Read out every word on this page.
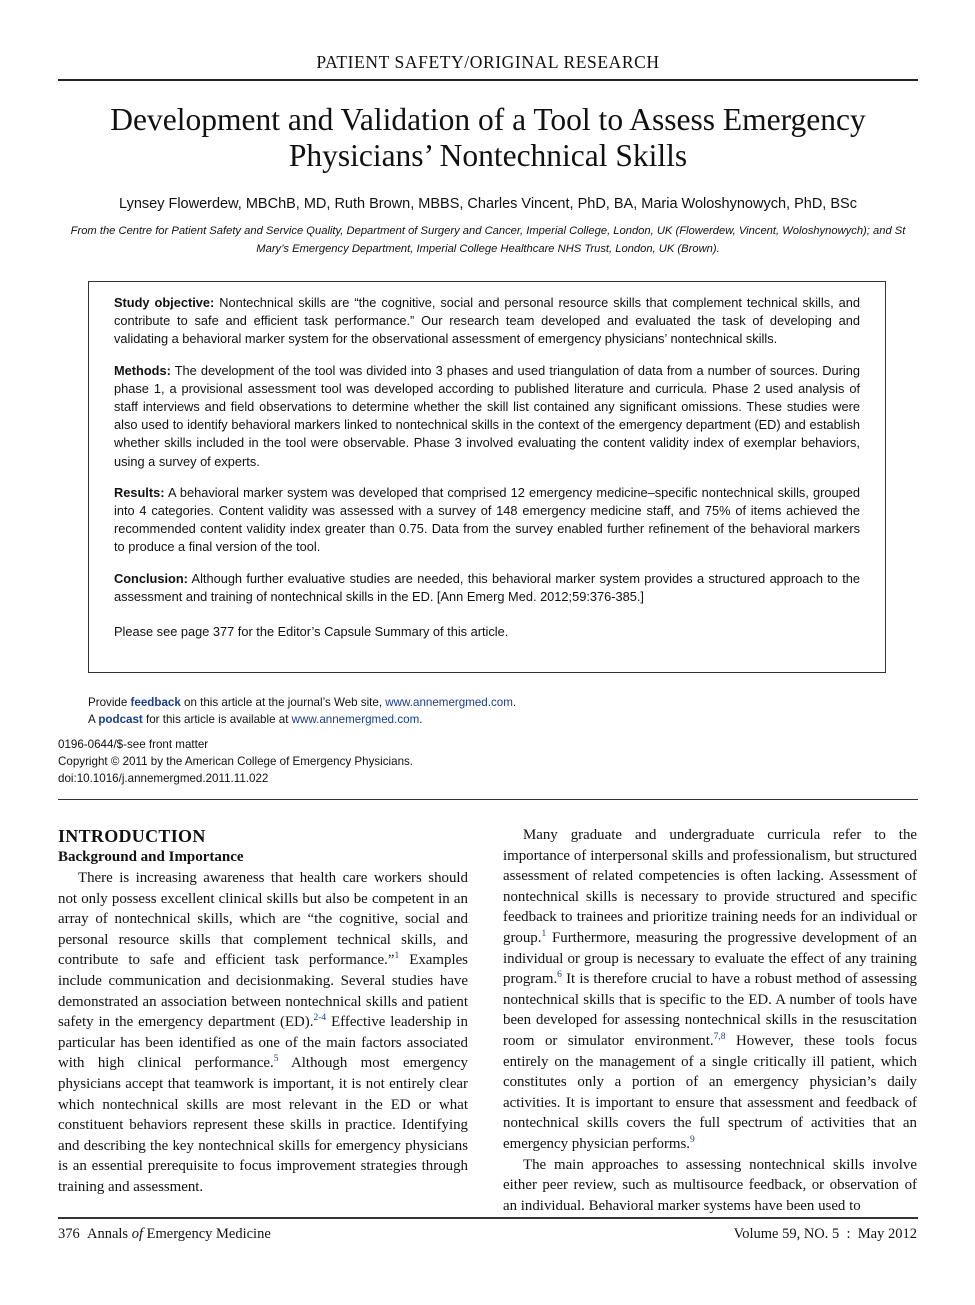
PATIENT SAFETY/ORIGINAL RESEARCH
Development and Validation of a Tool to Assess Emergency
Physicians’ Nontechnical Skills
Lynsey Flowerdew, MBChB, MD, Ruth Brown, MBBS, Charles Vincent, PhD, BA, Maria Woloshynowych, PhD, BSc
From the Centre for Patient Safety and Service Quality, Department of Surgery and Cancer, Imperial College, London, UK (Flowerdew, Vincent, Woloshynowych); and St Mary’s Emergency Department, Imperial College Healthcare NHS Trust, London, UK (Brown).

Study objective: Nontechnical skills are “the cognitive, social and personal resource skills that complement technical skills, and contribute to safe and efficient task performance.” Our research team developed and evaluated the task of developing and validating a behavioral marker system for the observational assessment of emergency physicians’ nontechnical skills.

Methods: The development of the tool was divided into 3 phases and used triangulation of data from a number of sources. During phase 1, a provisional assessment tool was developed according to published literature and curricula. Phase 2 used analysis of staff interviews and field observations to determine whether the skill list contained any significant omissions. These studies were also used to identify behavioral markers linked to nontechnical skills in the context of the emergency department (ED) and establish whether skills included in the tool were observable. Phase 3 involved evaluating the content validity index of exemplar behaviors, using a survey of experts.

Results: A behavioral marker system was developed that comprised 12 emergency medicine–specific nontechnical skills, grouped into 4 categories. Content validity was assessed with a survey of 148 emergency medicine staff, and 75% of items achieved the recommended content validity index greater than 0.75. Data from the survey enabled further refinement of the behavioral markers to produce a final version of the tool.

Conclusion: Although further evaluative studies are needed, this behavioral marker system provides a structured approach to the assessment and training of nontechnical skills in the ED. [Ann Emerg Med. 2012;59:376-385.]

Please see page 377 for the Editor’s Capsule Summary of this article.

Provide feedback on this article at the journal’s Web site, www.annemergmed.com.
A podcast for this article is available at www.annemergmed.com.
0196-0644/$-see front matter
Copyright © 2011 by the American College of Emergency Physicians.
doi:10.1016/j.annemergmed.2011.11.022
INTRODUCTION
Background and Importance

There is increasing awareness that health care workers should not only possess excellent clinical skills but also be competent in an array of nontechnical skills, which are “the cognitive, social and personal resource skills that complement technical skills, and contribute to safe and efficient task performance.”$^1$ Examples include communication and decisionmaking. Several studies have demonstrated an association between nontechnical skills and patient safety in the emergency department (ED).$^{2-4}$ Effective leadership in particular has been identified as one of the main factors associated with high clinical performance.$^5$ Although most emergency physicians accept that teamwork is important, it is not entirely clear which nontechnical skills are most relevant in the ED or what constituent behaviors represent these skills in practice. Identifying and describing the key nontechnical skills for emergency physicians is an essential prerequisite to focus improvement strategies through training and assessment.

Many graduate and undergraduate curricula refer to the importance of interpersonal skills and professionalism, but structured assessment of related competencies is often lacking. Assessment of nontechnical skills is necessary to provide structured and specific feedback to trainees and prioritize training needs for an individual or group.$^1$ Furthermore, measuring the progressive development of an individual or group is necessary to evaluate the effect of any training program.$^6$ It is therefore crucial to have a robust method of assessing nontechnical skills that is specific to the ED. A number of tools have been developed for assessing nontechnical skills in the resuscitation room or simulator environment.$^{7,8}$ However, these tools focus entirely on the management of a single critically ill patient, which constitutes only a portion of an emergency physician’s daily activities. It is important to ensure that assessment and feedback of nontechnical skills covers the full spectrum of activities that an emergency physician performs.$^9$

The main approaches to assessing nontechnical skills involve either peer review, such as multisource feedback, or observation of an individual. Behavioral marker systems have been used to

376 Annals of Emergency Medicine	Volume 59, NO. 5  :  May 2012
